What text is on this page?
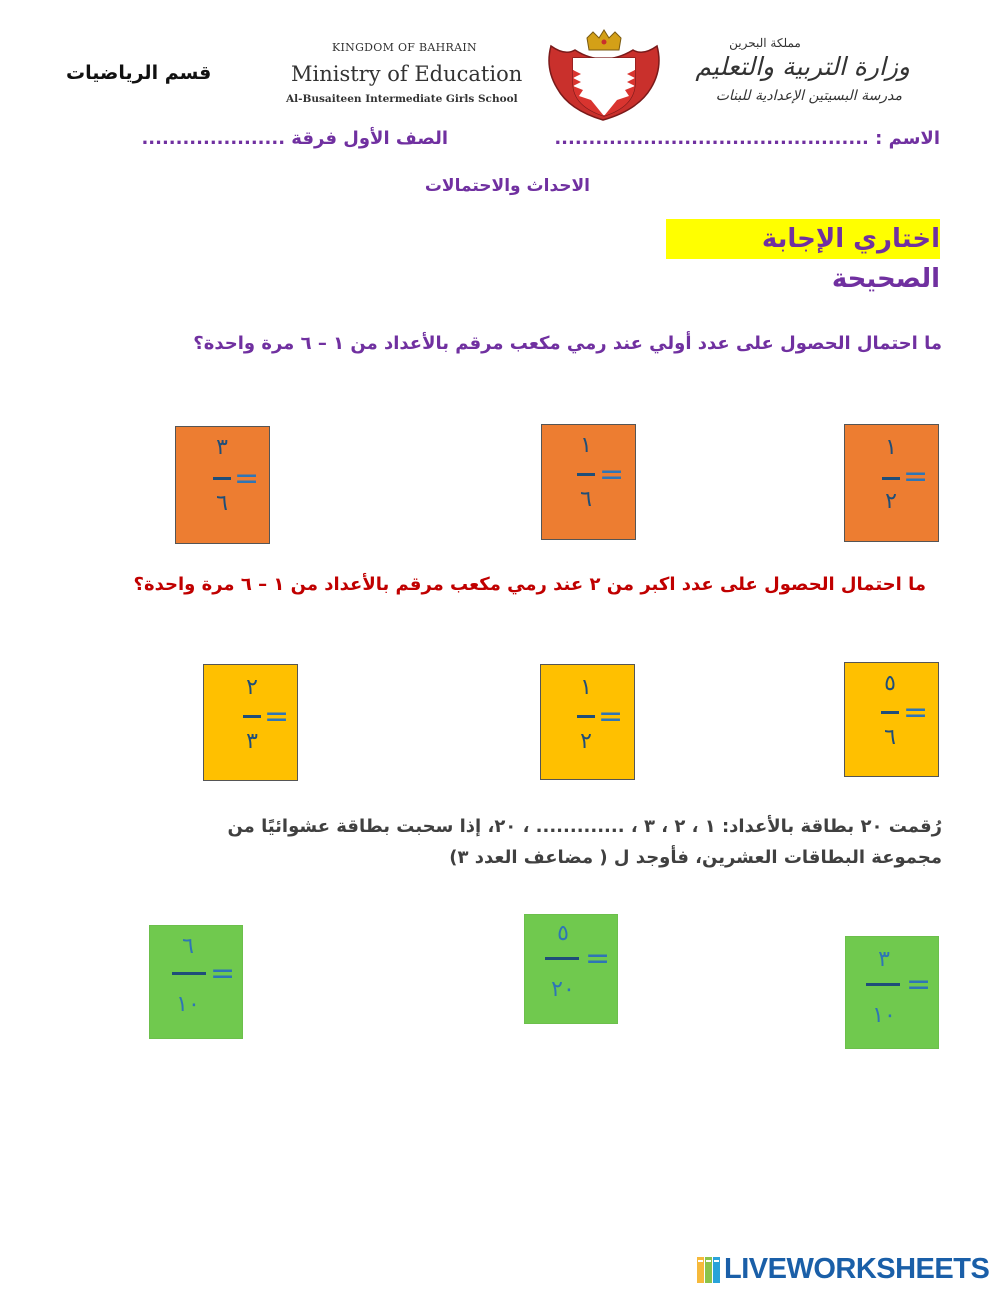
قسم الرياضيات
KINGDOM OF BAHRAIN
Ministry of Education
Al-Busaiteen Intermediate Girls School
مملكة البحرين
وزارة التربية والتعليم
مدرسة البسيتين الإعدادية للبنات
الاسم : ..............................................
الصف الأول فرقة .....................
الاحداث والاحتمالات
اختاري الإجابة الصحيحة
ما احتمال الحصول على عدد أولي عند رمي مكعب مرقم بالأعداد من ١ – ٦ مرة واحدة؟
١
٢
=
١
٦
=
٣
٦
=
ما احتمال الحصول على عدد اكبر من ٢ عند رمي مكعب مرقم بالأعداد من ١ – ٦ مرة واحدة؟
٥
٦
=
١
٢
=
٢
٣
=
رُقمت ٢٠ بطاقة بالأعداد: ١ ، ٢ ، ٣ ، ............. ، ٢٠، إذا سحبت بطاقة عشوائيًا من
مجموعة البطاقات العشرين، فأوجد ل ( مضاعف العدد ٣)
٣
١٠
=
٥
٢٠
=
٦
١٠
=
LIVEWORKSHEETS
